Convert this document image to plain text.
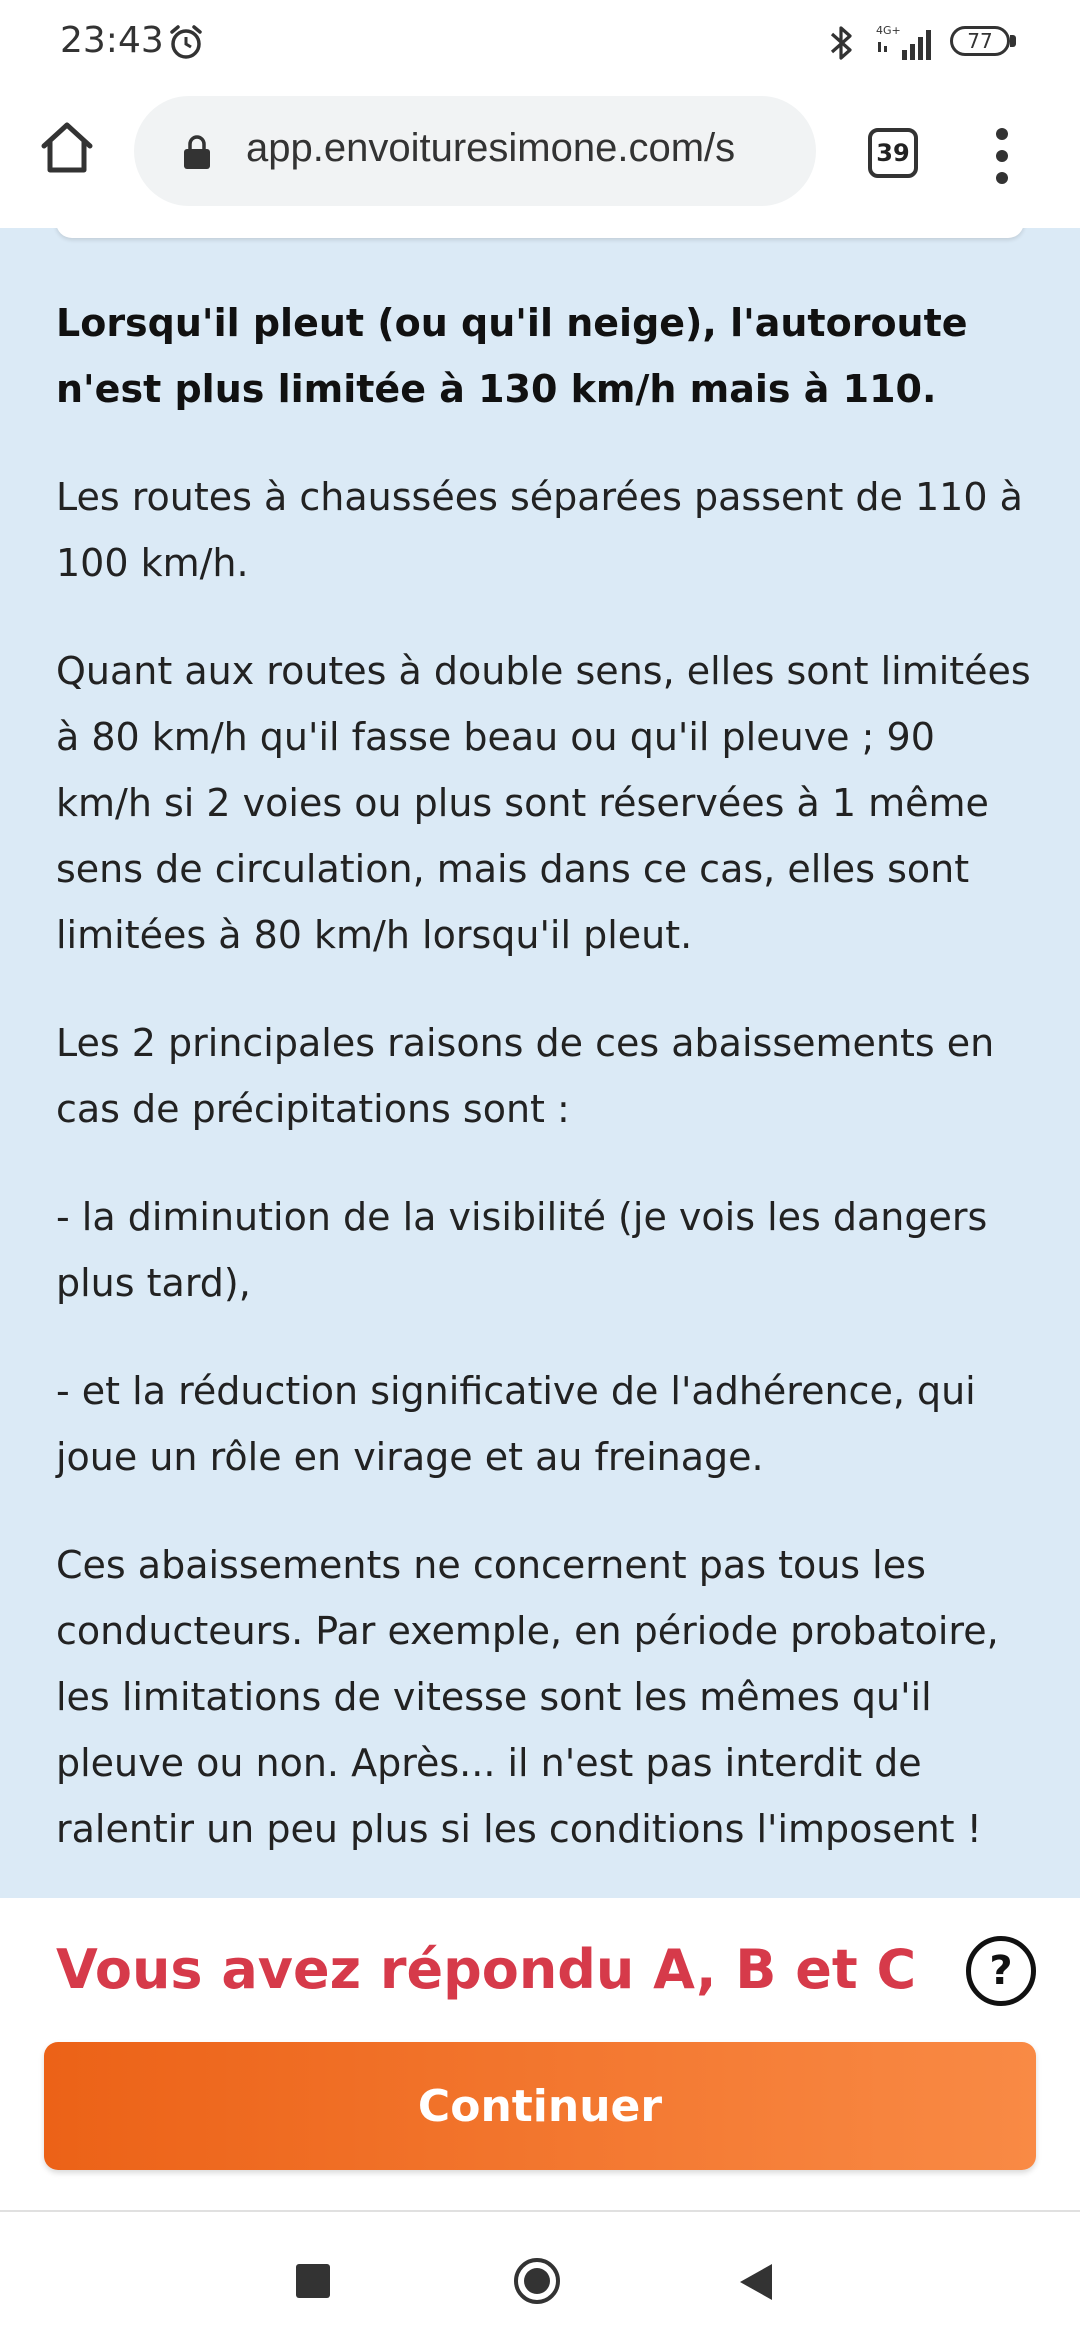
23:43	4G+	77
app.envoituresimone.com/s	39

Lorsqu'il pleut (ou qu'il neige), l'autoroute n'est plus limitée à 130 km/h mais à 110.

Les routes à chaussées séparées passent de 110 à 100 km/h.

Quant aux routes à double sens, elles sont limitées à 80 km/h qu'il fasse beau ou qu'il pleuve ; 90 km/h si 2 voies ou plus sont réservées à 1 même sens de circulation, mais dans ce cas, elles sont limitées à 80 km/h lorsqu'il pleut.

Les 2 principales raisons de ces abaissements en cas de précipitations sont :

- la diminution de la visibilité (je vois les dangers plus tard),

- et la réduction significative de l'adhérence, qui joue un rôle en virage et au freinage.

Ces abaissements ne concernent pas tous les conducteurs. Par exemple, en période probatoire, les limitations de vitesse sont les mêmes qu'il pleuve ou non. Après... il n'est pas interdit de ralentir un peu plus si les conditions l'imposent !

Vous avez répondu A, B et C	?
Continuer
